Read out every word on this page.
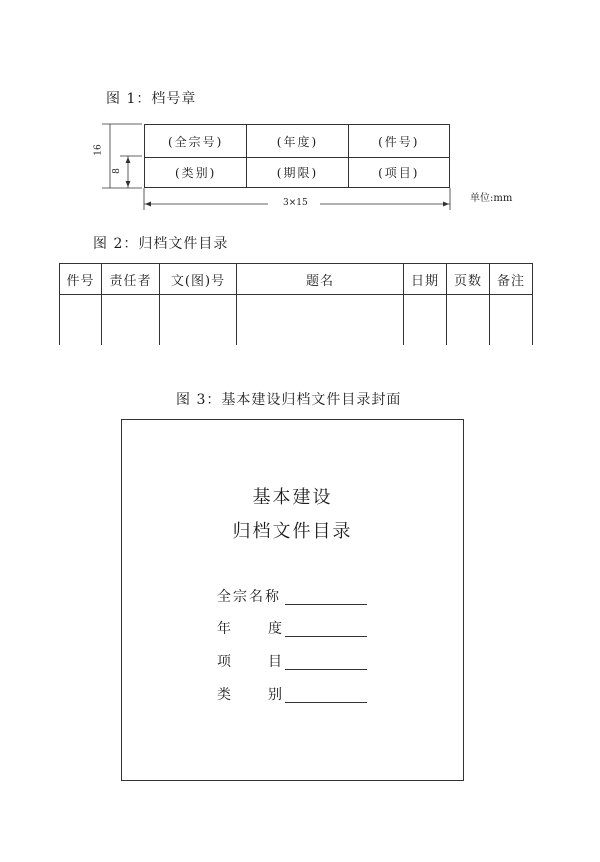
图 1：档号章
(全宗号)	(年度)	(件号)
(类别)	(期限)	(项目)
16
8
3×15	单位:mm
图 2：归档文件目录
件号	责任者	文(图)号	题名	日期	页数	备注

图 3：基本建设归档文件目录封面
基本建设
归档文件目录
全宗名称
年	度
项	目
类	别
